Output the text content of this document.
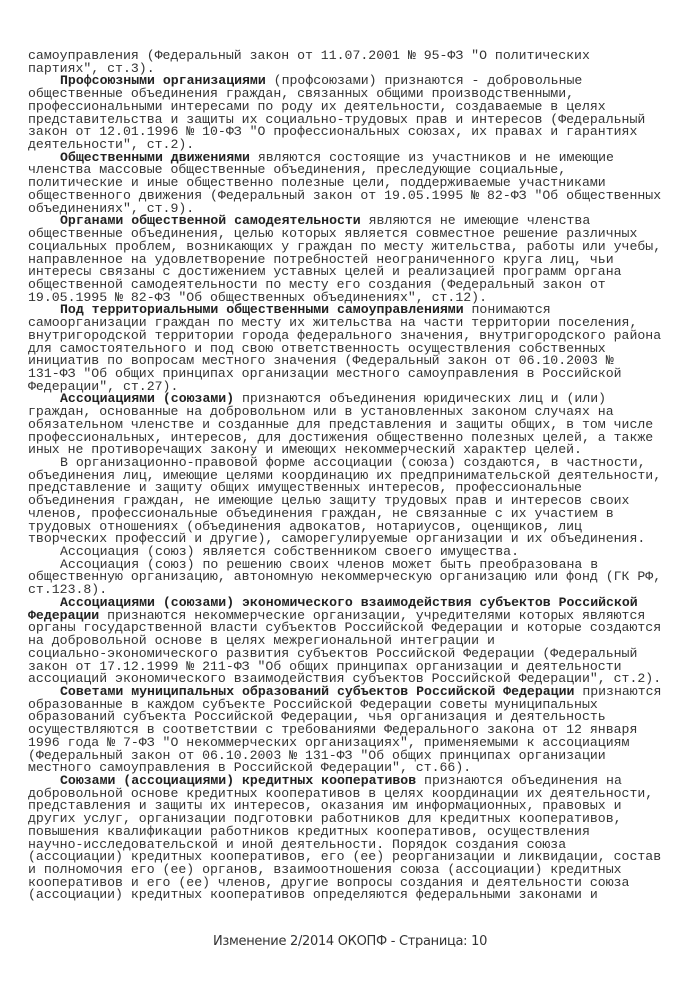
самоуправления (Федеральный закон от 11.07.2001 № 95-ФЗ "О политических
партиях", ст.3).
Профсоюзными организациями (профсоюзами) признаются - добровольные
общественные объединения граждан, связанных общими производственными,
профессиональными интересами по роду их деятельности, создаваемые в целях
представительства и защиты их социально-трудовых прав и интересов (Федеральный
закон от 12.01.1996 № 10-ФЗ "О профессиональных союзах, их правах и гарантиях
деятельности", ст.2).
Общественными движениями являются состоящие из участников и не имеющие
членства массовые общественные объединения, преследующие социальные,
политические и иные общественно полезные цели, поддерживаемые участниками
общественного движения (Федеральный закон от 19.05.1995 № 82-ФЗ "Об общественных
объединениях", ст.9).
Органами общественной самодеятельности являются не имеющие членства
общественные объединения, целью которых является совместное решение различных
социальных проблем, возникающих у граждан по месту жительства, работы или учебы,
направленное на удовлетворение потребностей неограниченного круга лиц, чьи
интересы связаны с достижением уставных целей и реализацией программ органа
общественной самодеятельности по месту его создания (Федеральный закон от
19.05.1995 № 82-ФЗ "Об общественных объединениях", ст.12).
Под территориальными общественными самоуправлениями понимаются
самоорганизации граждан по месту их жительства на части территории поселения,
внутригородской территории города федерального значения, внутригородского района
для самостоятельного и под свою ответственность осуществления собственных
инициатив по вопросам местного значения (Федеральный закон от 06.10.2003 №
131-ФЗ "Об общих принципах организации местного самоуправления в Российской
Федерации", ст.27).
Ассоциациями (союзами) признаются объединения юридических лиц и (или)
граждан, основанные на добровольном или в установленных законом случаях на
обязательном членстве и созданные для представления и защиты общих, в том числе
профессиональных, интересов, для достижения общественно полезных целей, а также
иных не противоречащих закону и имеющих некоммерческий характер целей.
В организационно-правовой форме ассоциации (союза) создаются, в частности,
объединения лиц, имеющие целями координацию их предпринимательской деятельности,
представление и защиту общих имущественных интересов, профессиональные
объединения граждан, не имеющие целью защиту трудовых прав и интересов своих
членов, профессиональные объединения граждан, не связанные с их участием в
трудовых отношениях (объединения адвокатов, нотариусов, оценщиков, лиц
творческих профессий и другие), саморегулируемые организации и их объединения.
Ассоциация (союз) является собственником своего имущества.
Ассоциация (союз) по решению своих членов может быть преобразована в
общественную организацию, автономную некоммерческую организацию или фонд (ГК РФ,
ст.123.8).
Ассоциациями (союзами) экономического взаимодействия субъектов Российской
Федерации признаются некоммерческие организации, учредителями которых являются
органы государственной власти субъектов Российской Федерации и которые создаются
на добровольной основе в целях межрегиональной интеграции и
социально-экономического развития субъектов Российской Федерации (Федеральный
закон от 17.12.1999 № 211-ФЗ "Об общих принципах организации и деятельности
ассоциаций экономического взаимодействия субъектов Российской Федерации", ст.2).
Советами муниципальных образований субъектов Российской Федерации признаются
образованные в каждом субъекте Российской Федерации советы муниципальных
образований субъекта Российской Федерации, чья организация и деятельность
осуществляются в соответствии с требованиями Федерального закона от 12 января
1996 года № 7-ФЗ "О некоммерческих организациях", применяемыми к ассоциациям
(Федеральный закон от 06.10.2003 № 131-ФЗ "Об общих принципах организации
местного самоуправления в Российской Федерации", ст.66).
Союзами (ассоциациями) кредитных кооперативов признаются объединения на
добровольной основе кредитных кооперативов в целях координации их деятельности,
представления и защиты их интересов, оказания им информационных, правовых и
других услуг, организации подготовки работников для кредитных кооперативов,
повышения квалификации работников кредитных кооперативов, осуществления
научно-исследовательской и иной деятельности. Порядок создания союза
(ассоциации) кредитных кооперативов, его (ее) реорганизации и ликвидации, состав
и полномочия его (ее) органов, взаимоотношения союза (ассоциации) кредитных
кооперативов и его (ее) членов, другие вопросы создания и деятельности союза
(ассоциации) кредитных кооперативов определяются федеральными законами и
Изменение 2/2014 ОКОПФ - Страница: 10
